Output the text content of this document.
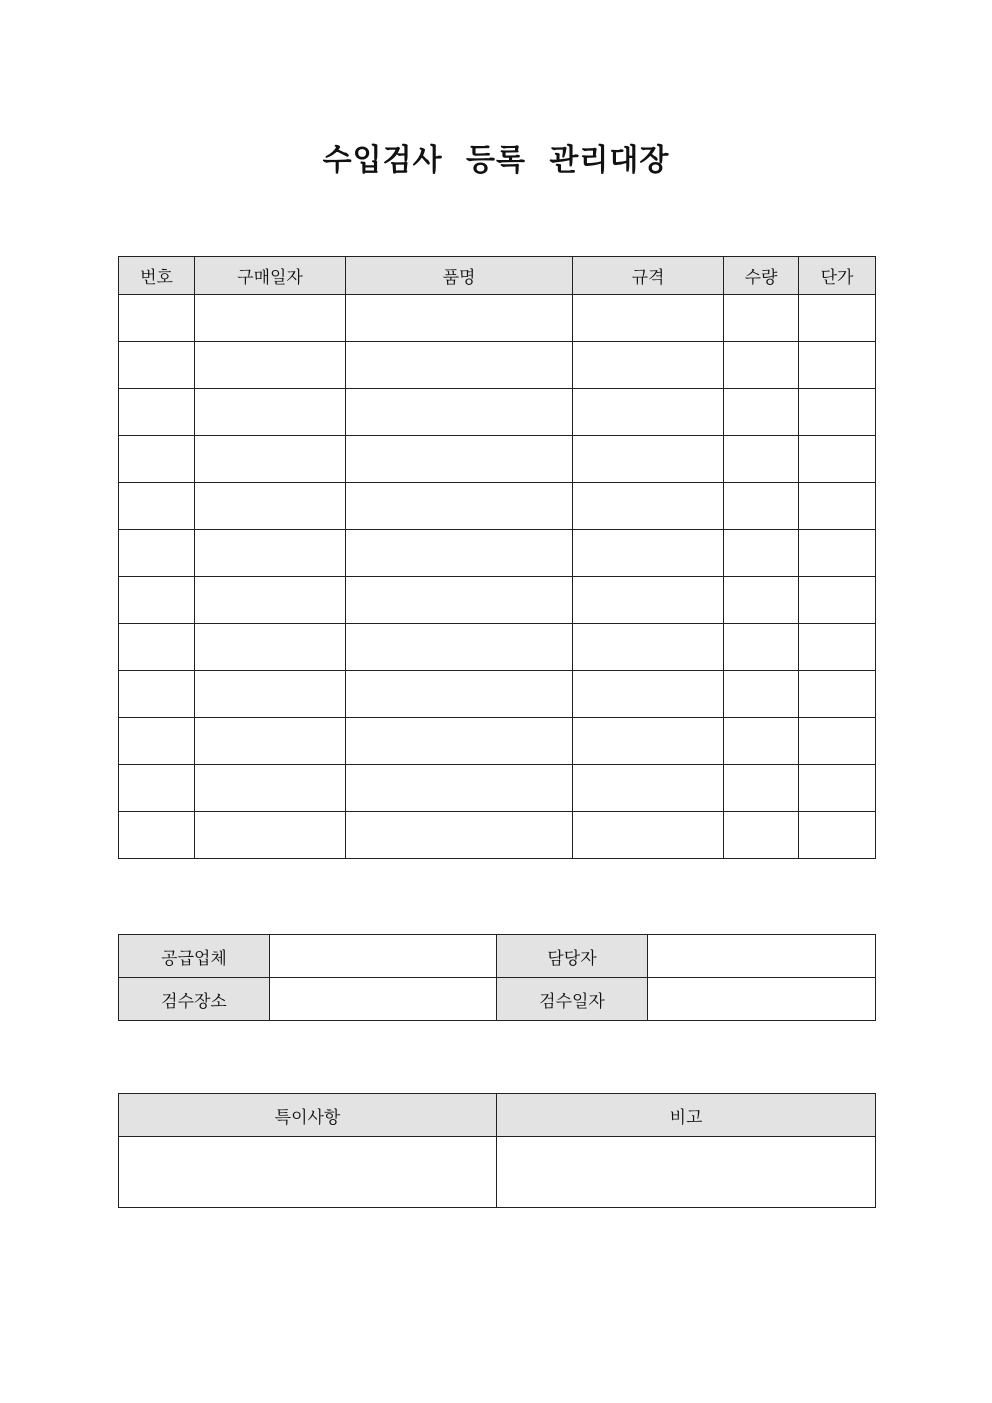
수입검사 등록 관리대장
번호	구매일자	품명	규격	수량	단가

공급업체		담당자	
검수장소		검수일자	
특이사항	비고
